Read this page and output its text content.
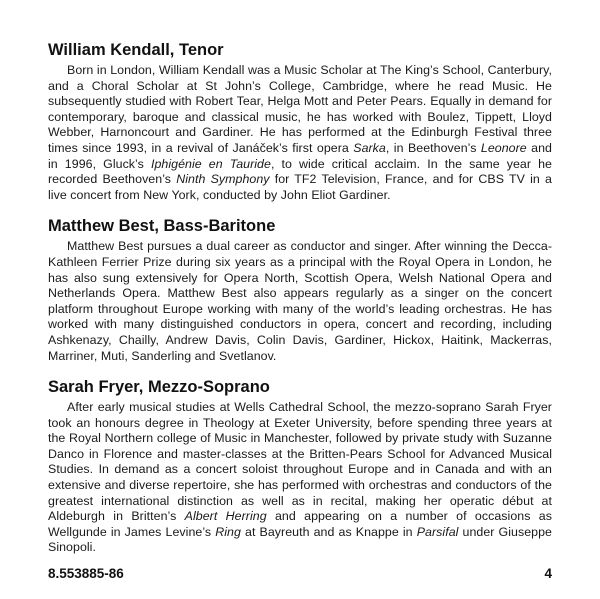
William Kendall, Tenor

Born in London, William Kendall was a Music Scholar at The King’s School, Canterbury, and a Choral Scholar at St John’s College, Cambridge, where he read Music. He subsequently studied with Robert Tear, Helga Mott and Peter Pears. Equally in demand for contemporary, baroque and classical music, he has worked with Boulez, Tippett, Lloyd Webber, Harnoncourt and Gardiner. He has performed at the Edinburgh Festival three times since 1993, in a revival of Janáček’s first opera Sarka, in Beethoven’s Leonore and in 1996, Gluck’s Iphigénie en Tauride, to wide critical acclaim. In the same year he recorded Beethoven’s Ninth Symphony for TF2 Television, France, and for CBS TV in a live concert from New York, conducted by John Eliot Gardiner.

Matthew Best, Bass-Baritone

Matthew Best pursues a dual career as conductor and singer. After winning the Decca-Kathleen Ferrier Prize during six years as a principal with the Royal Opera in London, he has also sung extensively for Opera North, Scottish Opera, Welsh National Opera and Netherlands Opera. Matthew Best also appears regularly as a singer on the concert platform throughout Europe working with many of the world’s leading orchestras. He has worked with many distinguished conductors in opera, concert and recording, including Ashkenazy, Chailly, Andrew Davis, Colin Davis, Gardiner, Hickox, Haitink, Mackerras, Marriner, Muti, Sanderling and Svetlanov.

Sarah Fryer, Mezzo-Soprano

After early musical studies at Wells Cathedral School, the mezzo-soprano Sarah Fryer took an honours degree in Theology at Exeter University, before spending three years at the Royal Northern college of Music in Manchester, followed by private study with Suzanne Danco in Florence and master-classes at the Britten-Pears School for Advanced Musical Studies. In demand as a concert soloist throughout Europe and in Canada and with an extensive and diverse repertoire, she has performed with orchestras and conductors of the greatest international distinction as well as in recital, making her operatic début at Aldeburgh in Britten’s Albert Herring and appearing on a number of occasions as Wellgunde in James Levine’s Ring at Bayreuth and as Knappe in Parsifal under Giuseppe Sinopoli.

8.553885-86	4
